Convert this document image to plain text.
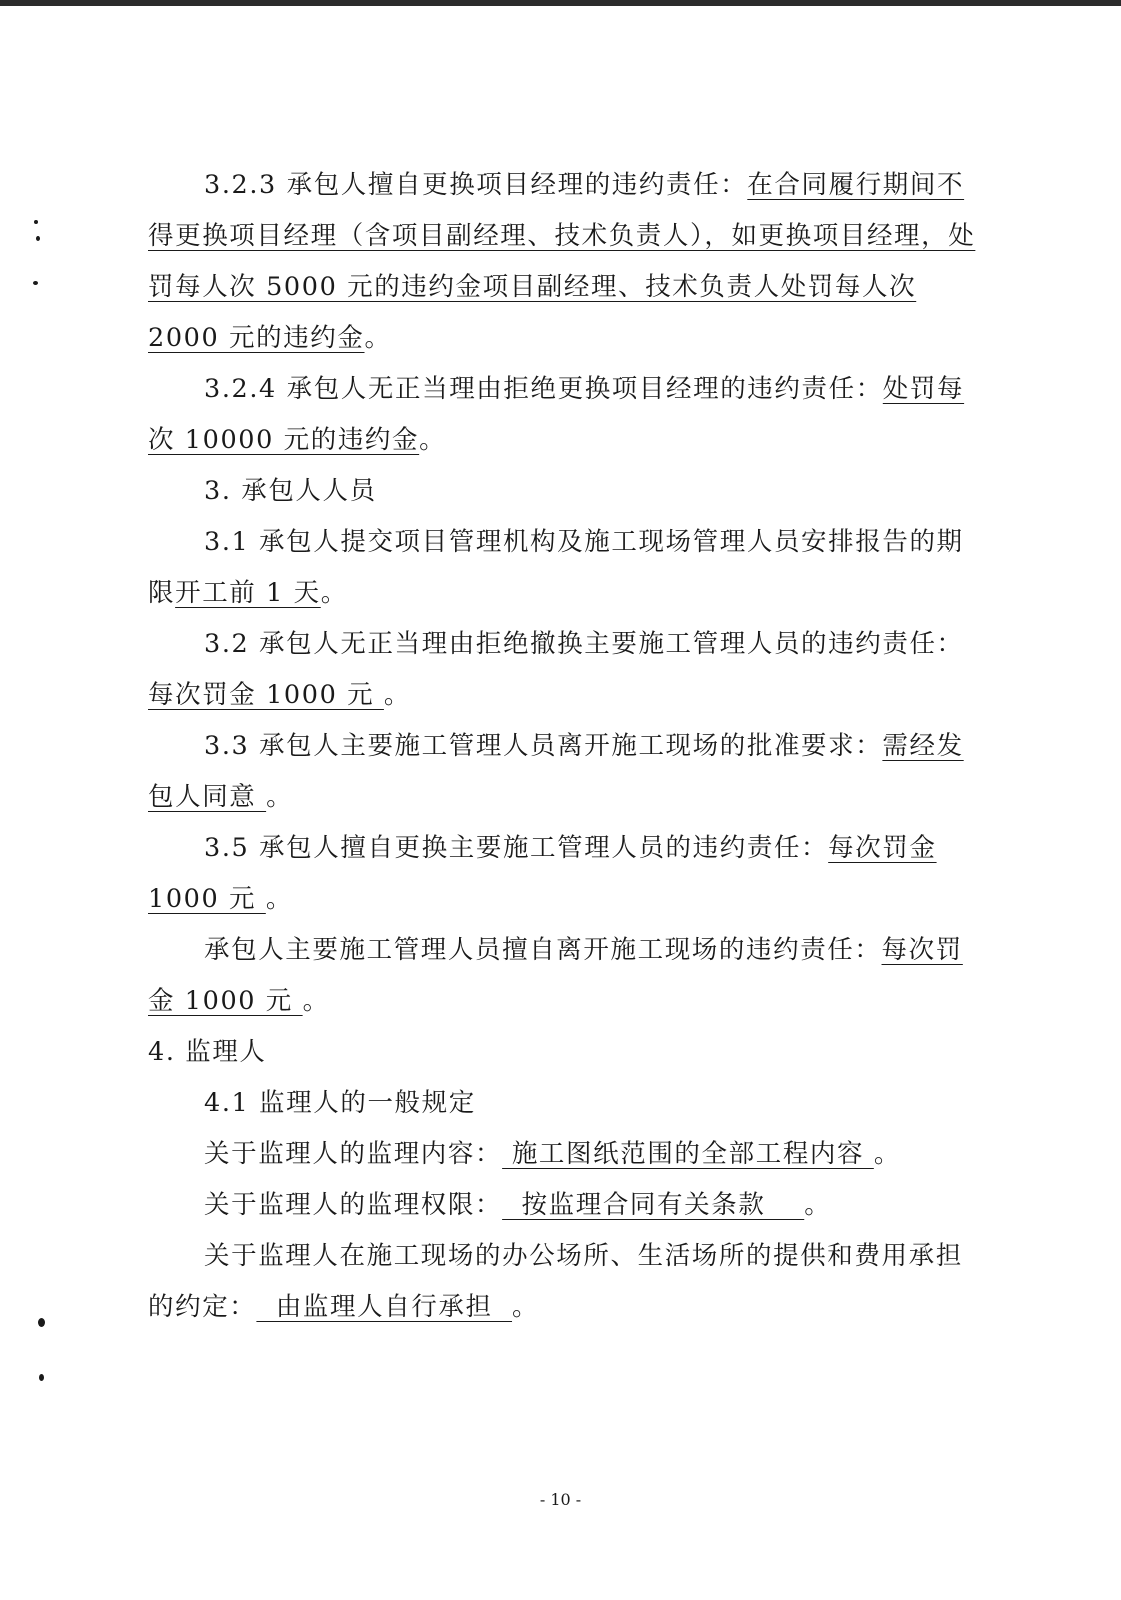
3.2.3 承包人擅自更换项目经理的违约责任：在合同履行期间不得更换项目经理（含项目副经理、技术负责人），如更换项目经理，处罚每人次 5000 元的违约金项目副经理、技术负责人处罚每人次 2000 元的违约金。

3.2.4 承包人无正当理由拒绝更换项目经理的违约责任：处罚每次 10000 元的违约金。

3. 承包人人员

3.1 承包人提交项目管理机构及施工现场管理人员安排报告的期限开工前 1 天。

3.2 承包人无正当理由拒绝撤换主要施工管理人员的违约责任：每次罚金 1000 元 。

3.3 承包人主要施工管理人员离开施工现场的批准要求：需经发包人同意 。

3.5 承包人擅自更换主要施工管理人员的违约责任：每次罚金 1000 元 。

承包人主要施工管理人员擅自离开施工现场的违约责任：每次罚金 1000 元 。

4. 监理人

4.1 监理人的一般规定

关于监理人的监理内容： 施工图纸范围的全部工程内容 。

关于监理人的监理权限：  按监理合同有关条款    。

关于监理人在施工现场的办公场所、生活场所的提供和费用承担的约定：  由监理人自行承担  。

- 10 -
